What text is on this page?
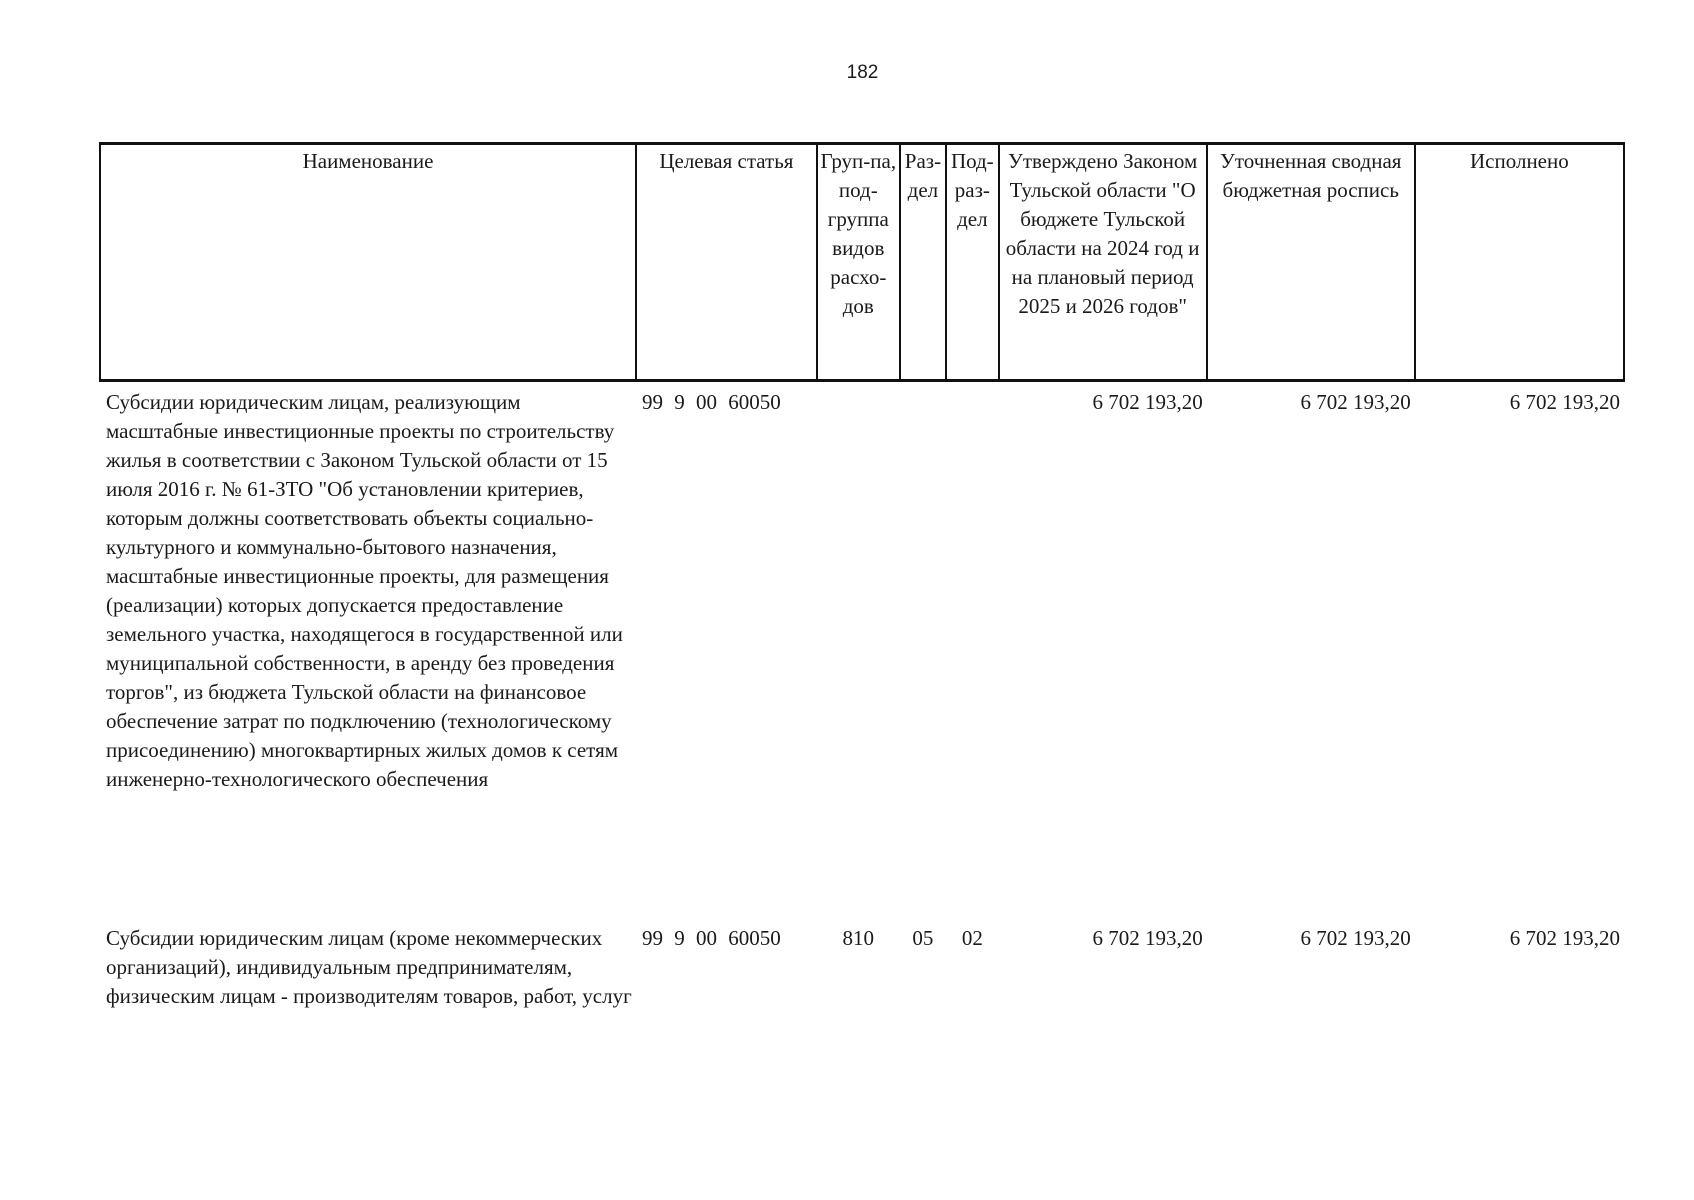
182
Наименование	Целевая статья	Груп-па, под-группа видов расхо-дов	Раз-дел	Под-раз-дел	Утверждено Законом Тульской области "О бюджете Тульской области на 2024 год и на плановый период 2025 и 2026 годов"	Уточненная сводная бюджетная роспись	Исполнено
Субсидии юридическим лицам, реализующим масштабные инвестиционные проекты по строительству жилья в соответствии с Законом Тульской области от 15 июля 2016 г. № 61-ЗТО "Об установлении критериев, которым должны соответствовать объекты социально-культурного и коммунально-бытового назначения, масштабные инвестиционные проекты, для размещения (реализации) которых допускается предоставление земельного участка, находящегося в государственной или муниципальной собственности, в аренду без проведения торгов", из бюджета Тульской области на финансовое обеспечение затрат по подключению (технологическому присоединению) многоквартирных жилых домов к сетям инженерно-технологического обеспечения	99 9 00 60050				6 702 193,20	6 702 193,20	6 702 193,20
Субсидии юридическим лицам (кроме некоммерческих организаций), индивидуальным предпринимателям, физическим лицам - производителям товаров, работ, услуг	99 9 00 60050	810	05	02	6 702 193,20	6 702 193,20	6 702 193,20
